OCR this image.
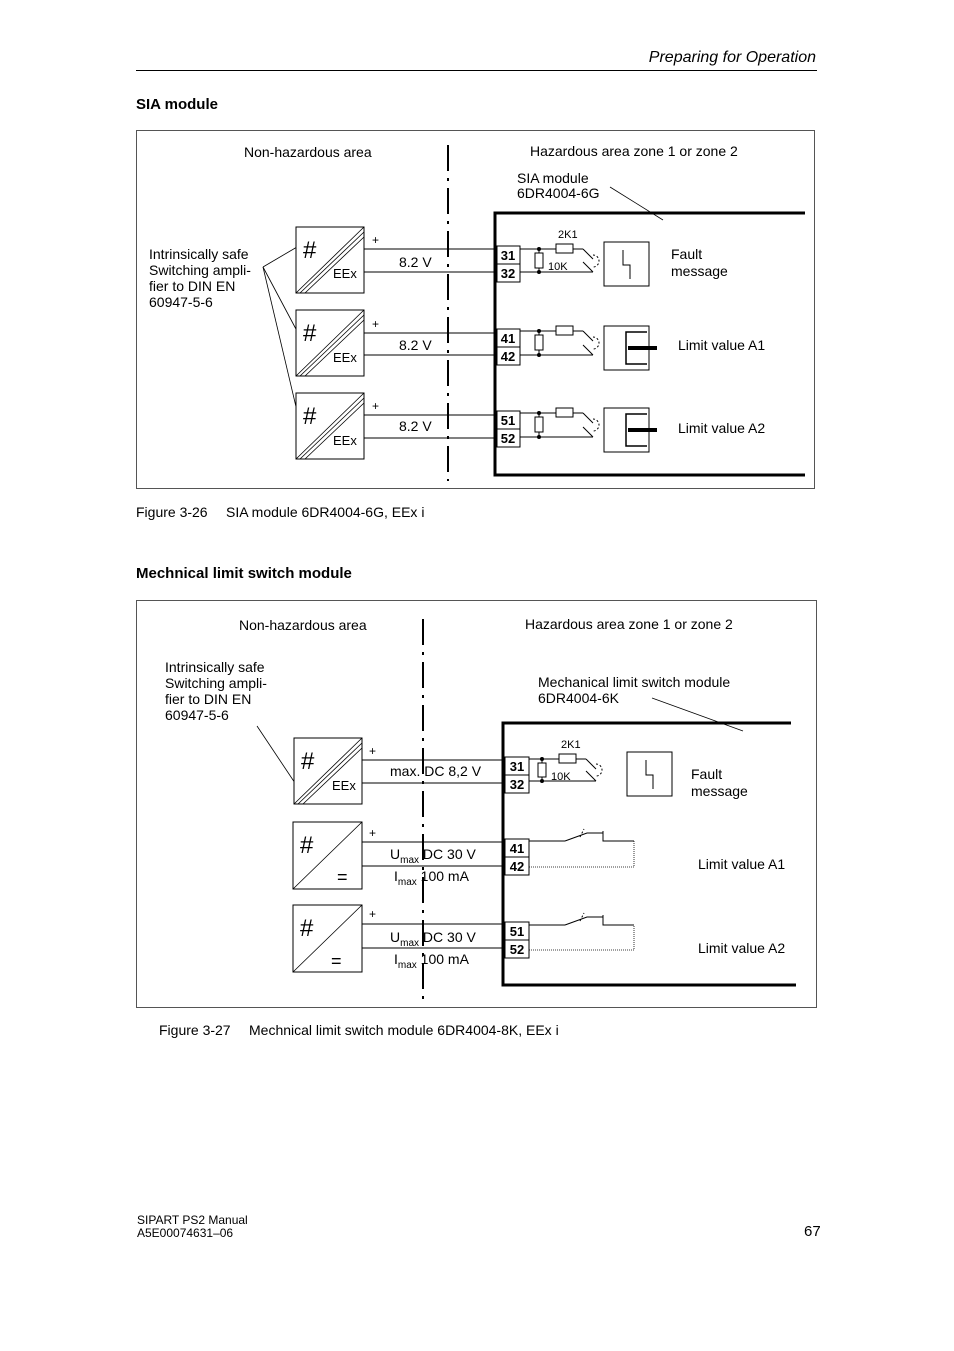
Preparing for Operation
SIA module
Non-hazardous area	Hazardous area zone 1 or zone 2
SIA module
6DR4004-6G
Intrinsically safe
Switching ampli-
fier to DIN EN
60947-5-6
#
EEx
+
8.2 V	31
32
2K1
10K
Fault
message
#
EEx
+
8.2 V	41
42
Limit value A1
#
EEx
+
8.2 V	51
52
Limit value A2
Figure 3-26 SIA module 6DR4004-6G, EEx i
Mechnical limit switch module
Non-hazardous area	Hazardous area zone 1 or zone 2
Intrinsically safe
Switching ampli-
fier to DIN EN
60947-5-6
Mechanical limit switch module
6DR4004-6K
#
EEx
+
max. DC 8,2 V 31
32
2K1
10K	Fault
message
#
=
+
$U_{max}$ DC 30 V
$I_{max}$ 100 mA
41
42	Limit value A1
#
=
+
$U_{max}$ DC 30 V
$I_{max}$ 100 mA
51
52	Limit value A2
Figure 3-27 Mechnical limit switch module 6DR4004-8K, EEx i
SIPART PS2 Manual
A5E00074631–06	67
